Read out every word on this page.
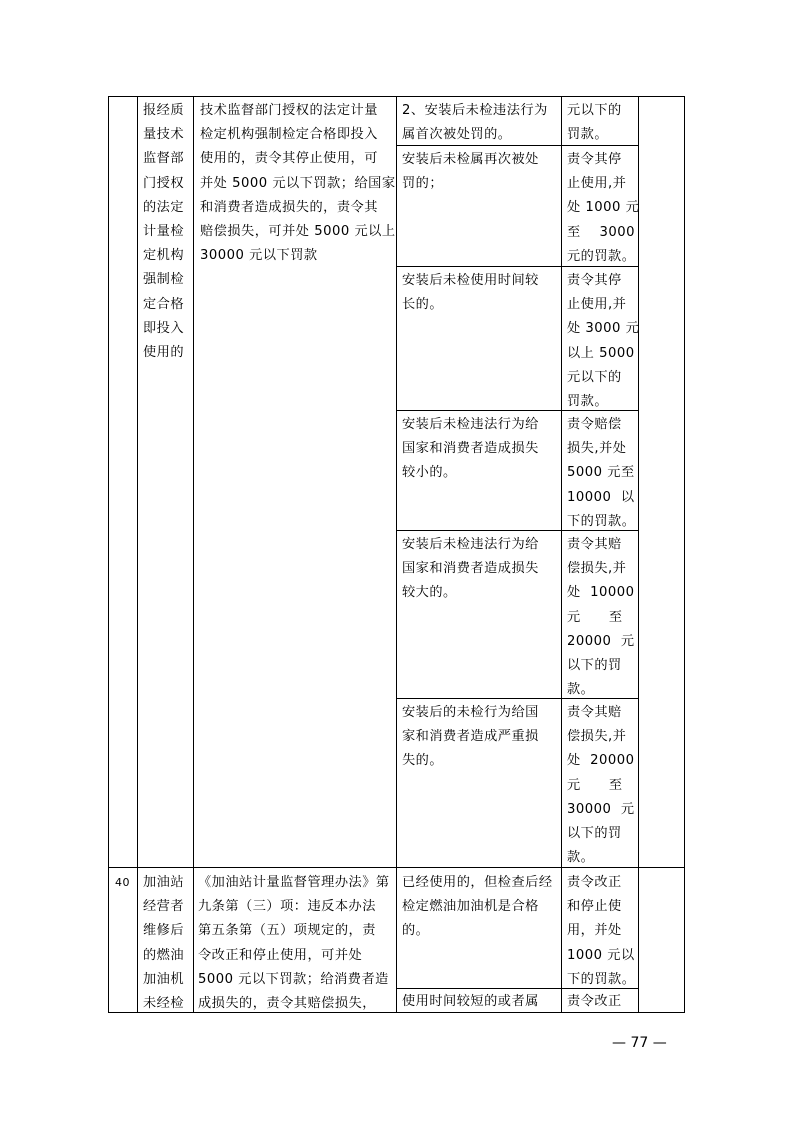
报经质
量技术
监督部
门授权
的法定
计量检
定机构
强制检
定合格
即投入
使用的
技术监督部门授权的法定计量
检定机构强制检定合格即投入
使用的，责令其停止使用，可
并处 5000 元以下罚款；给国家
和消费者造成损失的，责令其
赔偿损失，可并处 5000 元以上
30000 元以下罚款
2、安装后未检违法行为
属首次被处罚的。
元以下的
罚款。
安装后未检属再次被处
罚的；
责令其停
止使用,并
处 1000 元
至    3000
元的罚款。
安装后未检使用时间较
长的。
责令其停
止使用,并
处 3000 元
以上 5000
元以下的
罚款。
安装后未检违法行为给
国家和消费者造成损失
较小的。
责令赔偿
损失,并处
5000 元至
10000  以
下的罚款。
安装后未检违法行为给
国家和消费者造成损失
较大的。
责令其赔
偿损失,并
处  10000
元      至
20000  元
以下的罚
款。
安装后的未检行为给国
家和消费者造成严重损
失的。
责令其赔
偿损失,并
处  20000
元      至
30000  元
以下的罚
款。
40 加油站
经营者
维修后
的燃油
加油机
未经检
《加油站计量监督管理办法》第
九条第（三）项：违反本办法
第五条第（五）项规定的，责
令改正和停止使用，可并处
5000 元以下罚款；给消费者造
成损失的，责令其赔偿损失，
已经使用的，但检查后经
检定燃油加油机是合格
的。
责令改正
和停止使
用，并处
1000 元以
下的罚款。
使用时间较短的或者属 责令改正
— 77 —
